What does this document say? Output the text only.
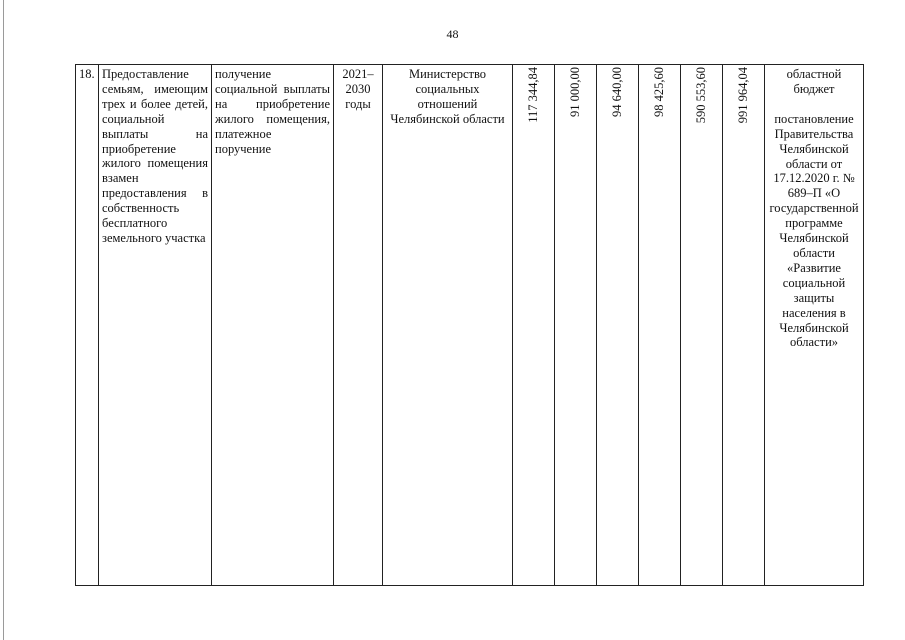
48
18.	Предоставление семьям, имеющим трех и более детей, социальной выплаты на приобретение жилого помещения взамен предоставления в собственность бесплатного земельного участка	получение социальной выплаты на приобретение жилого помещения, платежное поручение	2021–2030 годы	Министерство социальных отношений Челябинской области	117 344,84	91 000,00	94 640,00	98 425,60	590 553,60	991 964,04	областной бюджет
постановление Правительства Челябинской области от 17.12.2020 г. № 689–П «О государственной программе Челябинской области «Развитие социальной защиты населения в Челябинской области»
